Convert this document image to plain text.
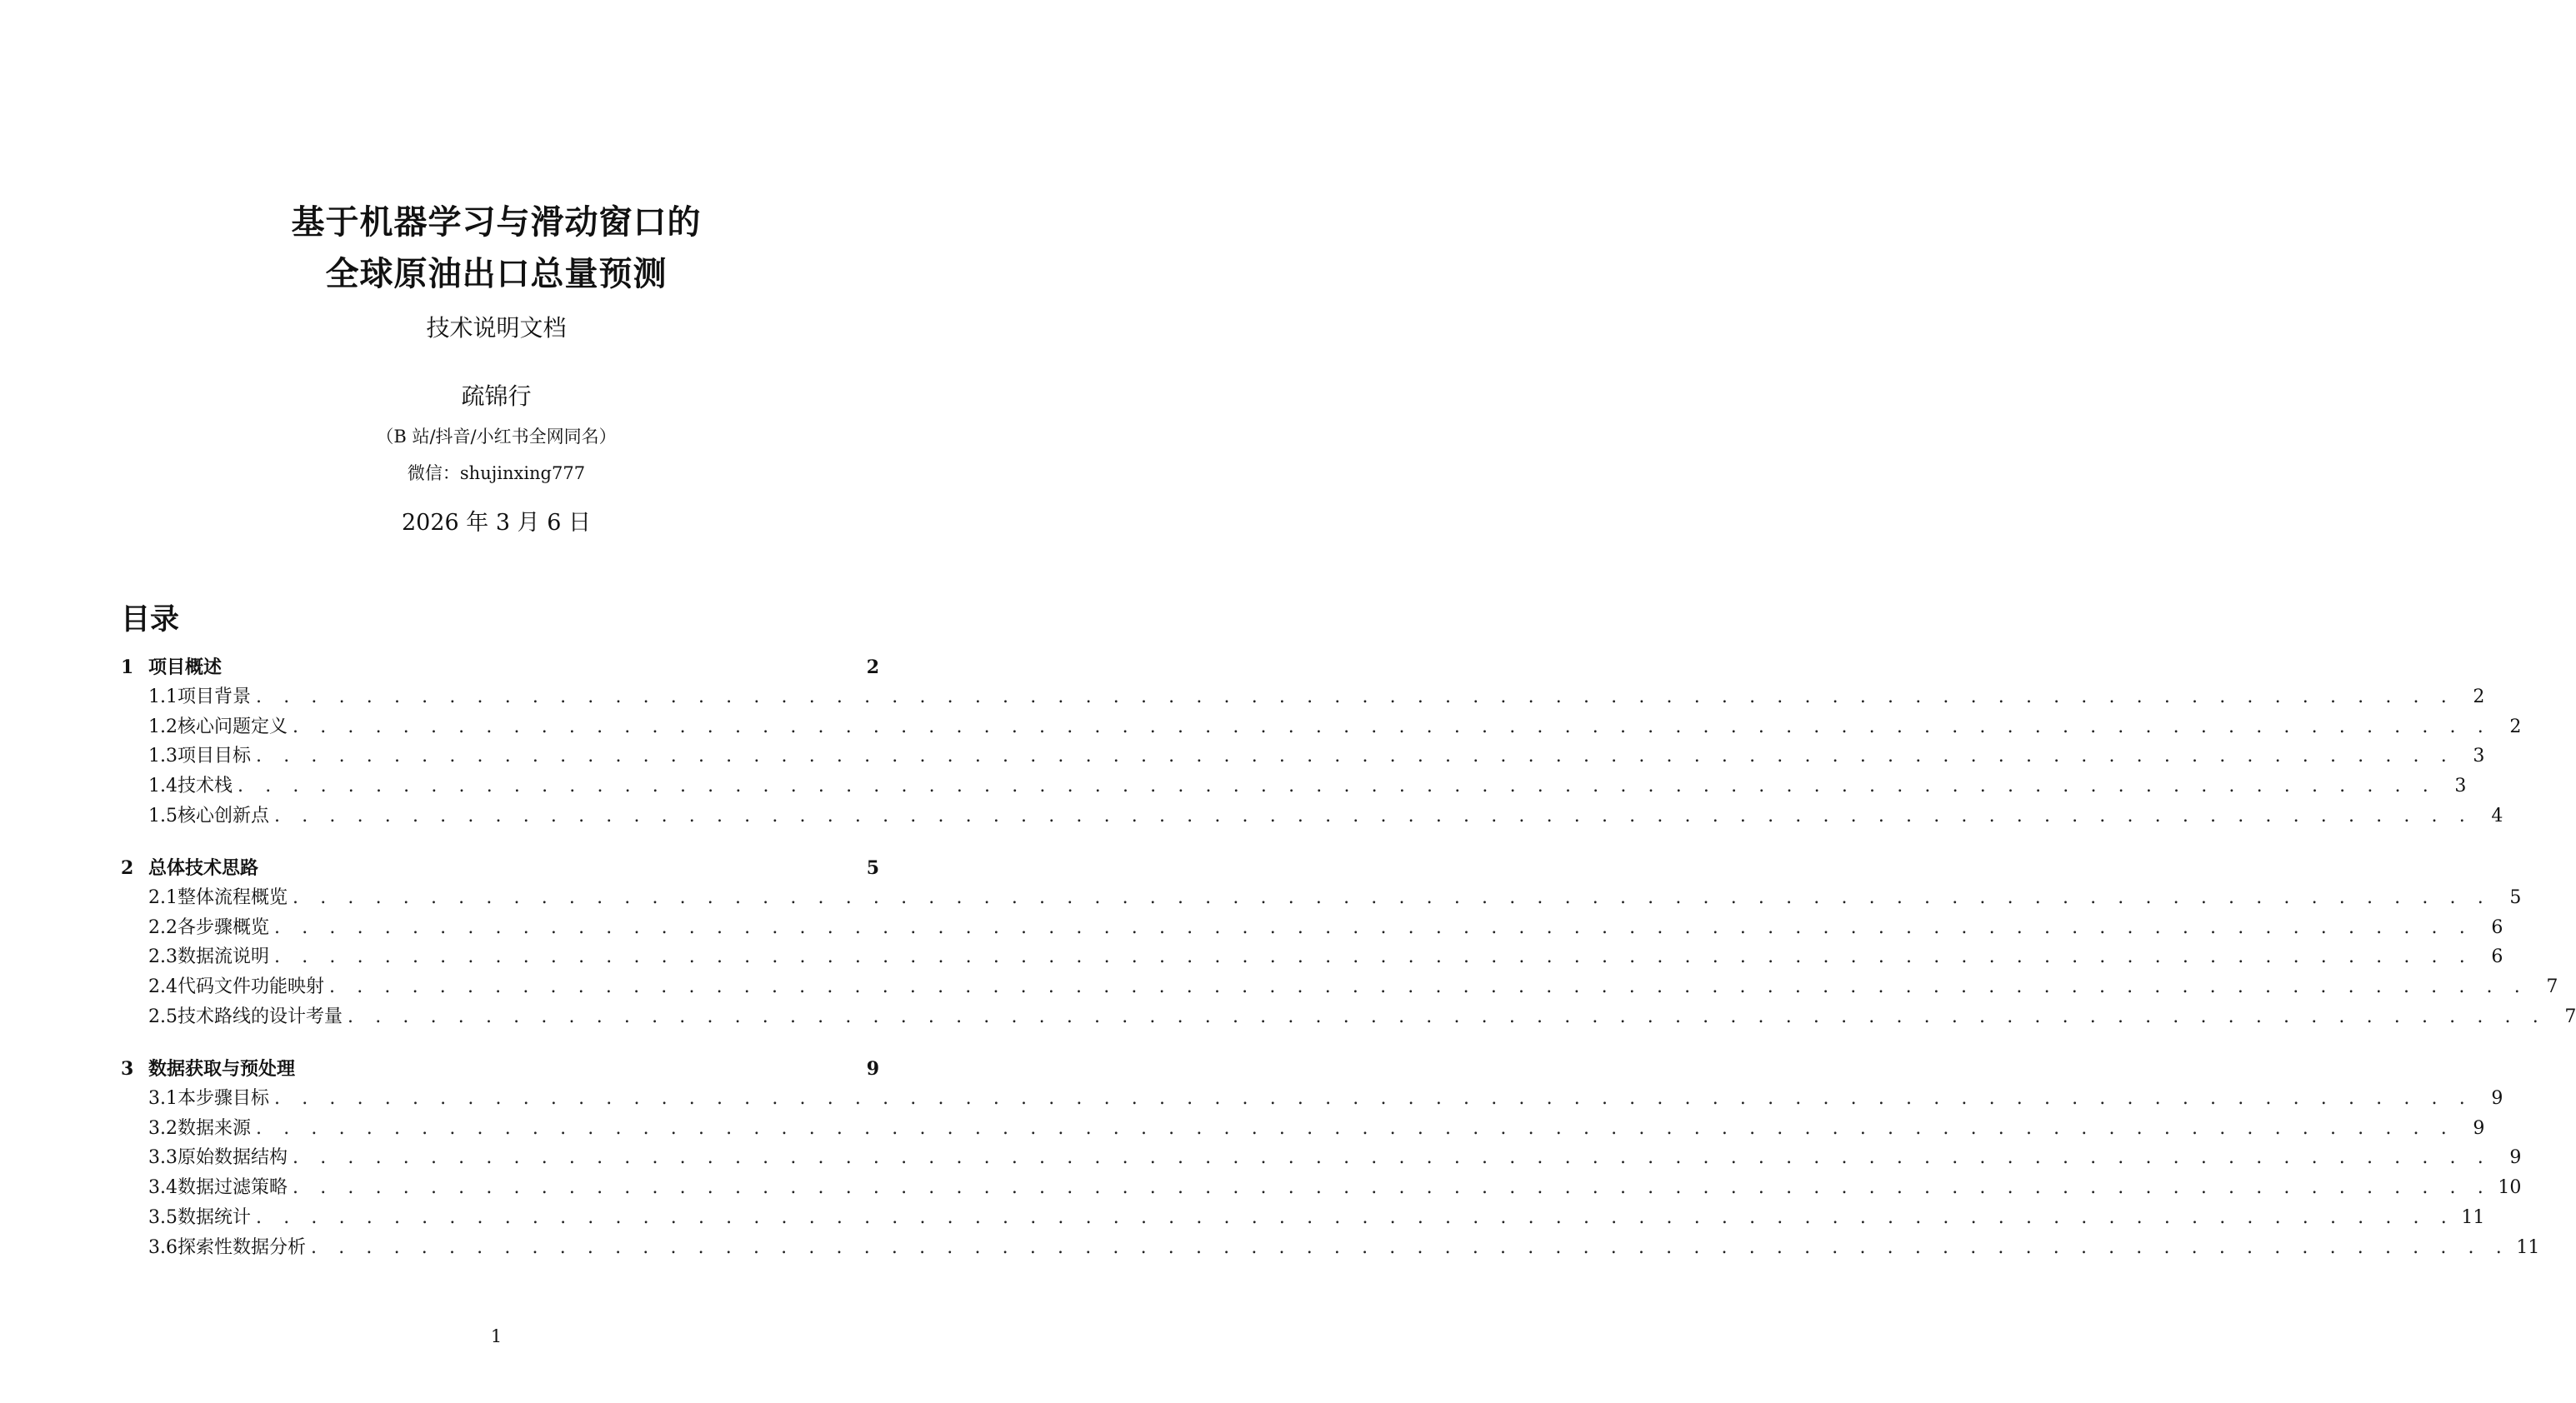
基于机器学习与滑动窗口的
全球原油出口总量预测
技术说明文档
疏锦行
（B 站/抖音/小红书全网同名）
微信：shujinxing777
2026 年 3 月 6 日
目录
1 项目概述	2
1.1 项目背景 . . . . . . . . . . . . . . . . . . . . . . . . . . . . . . . . . . . . . . . . . . . . . . . . . . . . . . . . . . . . . . . . . . . . . . . . . . . . . . . .	2
1.2 核心问题定义 . . . . . . . . . . . . . . . . . . . . . . . . . . . . . . . . . . . . . . . . . . . . . . . . . . . . . . . . . . . . . . . . . . . . . . . . . . . . . . . .	2
1.3 项目目标 . . . . . . . . . . . . . . . . . . . . . . . . . . . . . . . . . . . . . . . . . . . . . . . . . . . . . . . . . . . . . . . . . . . . . . . . . . . . . . . .	3
1.4 技术栈 . . . . . . . . . . . . . . . . . . . . . . . . . . . . . . . . . . . . . . . . . . . . . . . . . . . . . . . . . . . . . . . . . . . . . . . . . . . . . . . .	3
1.5 核心创新点 . . . . . . . . . . . . . . . . . . . . . . . . . . . . . . . . . . . . . . . . . . . . . . . . . . . . . . . . . . . . . . . . . . . . . . . . . . . . . . . .	4
2 总体技术思路	5
2.1 整体流程概览 . . . . . . . . . . . . . . . . . . . . . . . . . . . . . . . . . . . . . . . . . . . . . . . . . . . . . . . . . . . . . . . . . . . . . . . . . . . . . . . .	5
2.2 各步骤概览 . . . . . . . . . . . . . . . . . . . . . . . . . . . . . . . . . . . . . . . . . . . . . . . . . . . . . . . . . . . . . . . . . . . . . . . . . . . . . . . .	6
2.3 数据流说明 . . . . . . . . . . . . . . . . . . . . . . . . . . . . . . . . . . . . . . . . . . . . . . . . . . . . . . . . . . . . . . . . . . . . . . . . . . . . . . . .	6
2.4 代码文件功能映射 . . . . . . . . . . . . . . . . . . . . . . . . . . . . . . . . . . . . . . . . . . . . . . . . . . . . . . . . . . . . . . . . . . . . . . . . . . . . . . . .	7
2.5 技术路线的设计考量 . . . . . . . . . . . . . . . . . . . . . . . . . . . . . . . . . . . . . . . . . . . . . . . . . . . . . . . . . . . . . . . . . . . . . . . . . . . . . . . .	7
3 数据获取与预处理	9
3.1 本步骤目标 . . . . . . . . . . . . . . . . . . . . . . . . . . . . . . . . . . . . . . . . . . . . . . . . . . . . . . . . . . . . . . . . . . . . . . . . . . . . . . . .	9
3.2 数据来源 . . . . . . . . . . . . . . . . . . . . . . . . . . . . . . . . . . . . . . . . . . . . . . . . . . . . . . . . . . . . . . . . . . . . . . . . . . . . . . . .	9
3.3 原始数据结构 . . . . . . . . . . . . . . . . . . . . . . . . . . . . . . . . . . . . . . . . . . . . . . . . . . . . . . . . . . . . . . . . . . . . . . . . . . . . . . . .	9
3.4 数据过滤策略 . . . . . . . . . . . . . . . . . . . . . . . . . . . . . . . . . . . . . . . . . . . . . . . . . . . . . . . . . . . . . . . . . . . . . . . . . . . . . . . . 10
3.5 数据统计 . . . . . . . . . . . . . . . . . . . . . . . . . . . . . . . . . . . . . . . . . . . . . . . . . . . . . . . . . . . . . . . . . . . . . . . . . . . . . . . . 11
3.6 探索性数据分析 . . . . . . . . . . . . . . . . . . . . . . . . . . . . . . . . . . . . . . . . . . . . . . . . . . . . . . . . . . . . . . . . . . . . . . . . . . . . . . . . 11
1
